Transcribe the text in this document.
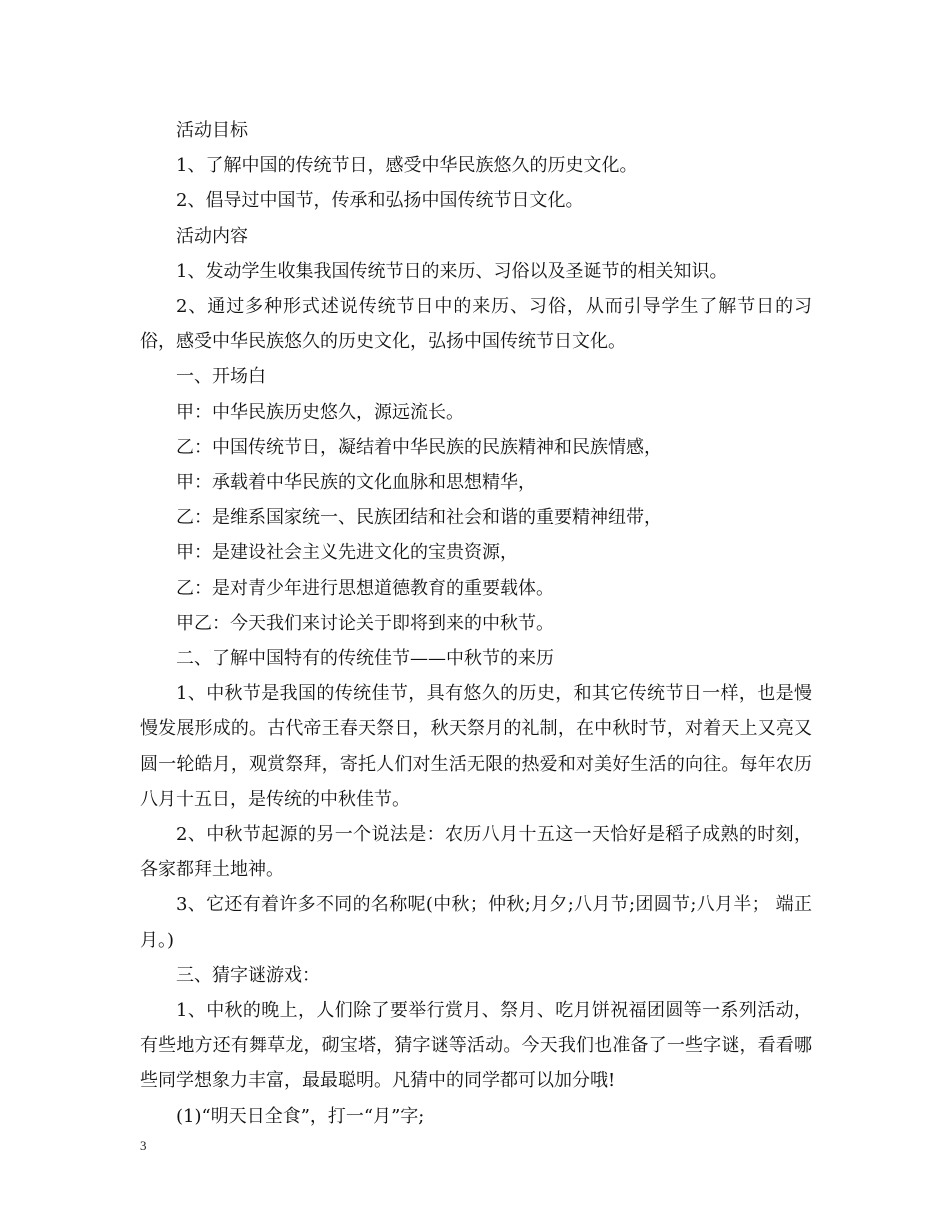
活动目标

1、了解中国的传统节日，感受中华民族悠久的历史文化。

2、倡导过中国节，传承和弘扬中国传统节日文化。

活动内容

1、发动学生收集我国传统节日的来历、习俗以及圣诞节的相关知识。

2、通过多种形式述说传统节日中的来历、习俗，从而引导学生了解节日的习俗，感受中华民族悠久的历史文化，弘扬中国传统节日文化。

一、开场白

甲：中华民族历史悠久，源远流长。

乙：中国传统节日，凝结着中华民族的民族精神和民族情感，

甲：承载着中华民族的文化血脉和思想精华，

乙：是维系国家统一、民族团结和社会和谐的重要精神纽带，

甲：是建设社会主义先进文化的宝贵资源，

乙：是对青少年进行思想道德教育的重要载体。

甲乙：今天我们来讨论关于即将到来的中秋节。

二、了解中国特有的传统佳节——中秋节的来历

1、中秋节是我国的传统佳节，具有悠久的历史，和其它传统节日一样，也是慢慢发展形成的。古代帝王春天祭日，秋天祭月的礼制，在中秋时节，对着天上又亮又圆一轮皓月，观赏祭拜，寄托人们对生活无限的热爱和对美好生活的向往。每年农历八月十五日，是传统的中秋佳节。

2、中秋节起源的另一个说法是：农历八月十五这一天恰好是稻子成熟的时刻，各家都拜土地神。

3、它还有着许多不同的名称呢(中秋；仲秋;月夕;八月节;团圆节;八月半； 端正月。)

三、猜字谜游戏：

1、中秋的晚上，人们除了要举行赏月、祭月、吃月饼祝福团圆等一系列活动，有些地方还有舞草龙，砌宝塔，猜字谜等活动。今天我们也准备了一些字谜，看看哪些同学想象力丰富，最最聪明。凡猜中的同学都可以加分哦!

(1)“明天日全食”，打一“月”字;

3
